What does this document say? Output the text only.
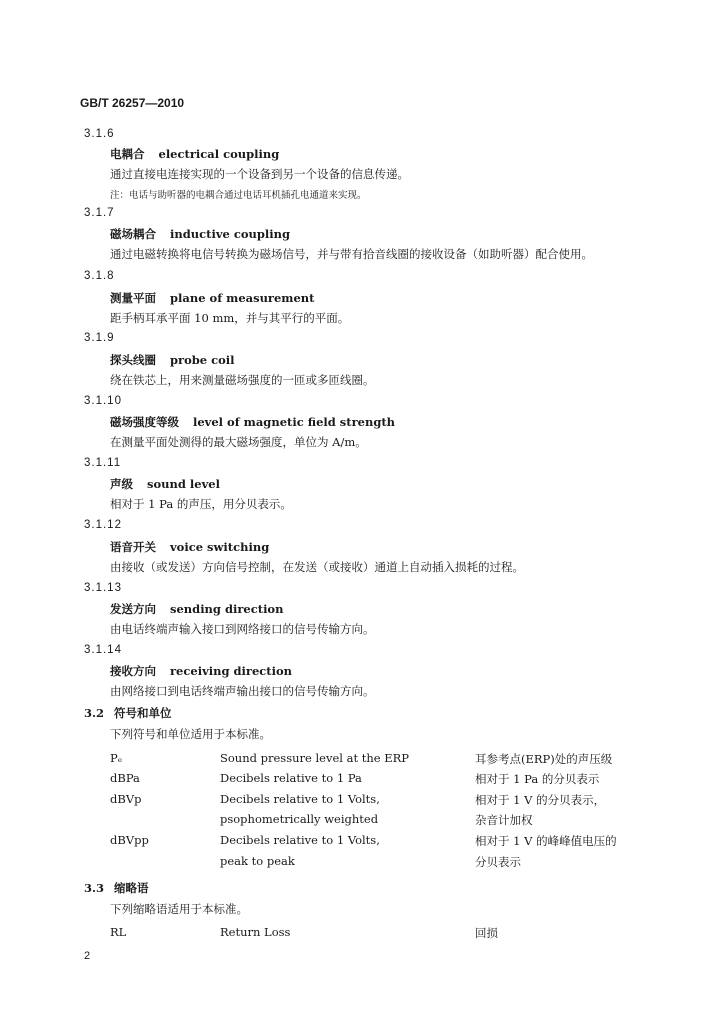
GB/T 26257—2010
3.1.6
电耦合 electrical coupling
通过直接电连接实现的一个设备到另一个设备的信息传递。
注：电话与助听器的电耦合通过电话耳机插孔电通道来实现。
3.1.7
磁场耦合 inductive coupling
通过电磁转换将电信号转换为磁场信号，并与带有拾音线圈的接收设备（如助听器）配合使用。
3.1.8
测量平面 plane of measurement
距手柄耳承平面 10 mm，并与其平行的平面。
3.1.9
探头线圈 probe coil
绕在铁芯上，用来测量磁场强度的一匝或多匝线圈。
3.1.10
磁场强度等级 level of magnetic field strength
在测量平面处测得的最大磁场强度，单位为 A/m。
3.1.11
声级 sound level
相对于 1 Pa 的声压，用分贝表示。
3.1.12
语音开关 voice switching
由接收（或发送）方向信号控制，在发送（或接收）通道上自动插入损耗的过程。
3.1.13
发送方向 sending direction
由电话终端声输入接口到网络接口的信号传输方向。
3.1.14
接收方向 receiving direction
由网络接口到电话终端声输出接口的信号传输方向。
3.2 符号和单位
下列符号和单位适用于本标准。
Pₑ	Sound pressure level at the ERP	耳参考点(ERP)处的声压级
dBPa	Decibels relative to 1 Pa	相对于 1 Pa 的分贝表示
dBVp	Decibels relative to 1 Volts,	相对于 1 V 的分贝表示，
psophometrically weighted	杂音计加权
dBVpp	Decibels relative to 1 Volts,	相对于 1 V 的峰峰值电压的
peak to peak	分贝表示
3.3 缩略语
下列缩略语适用于本标准。
RL	Return Loss	回损
2
